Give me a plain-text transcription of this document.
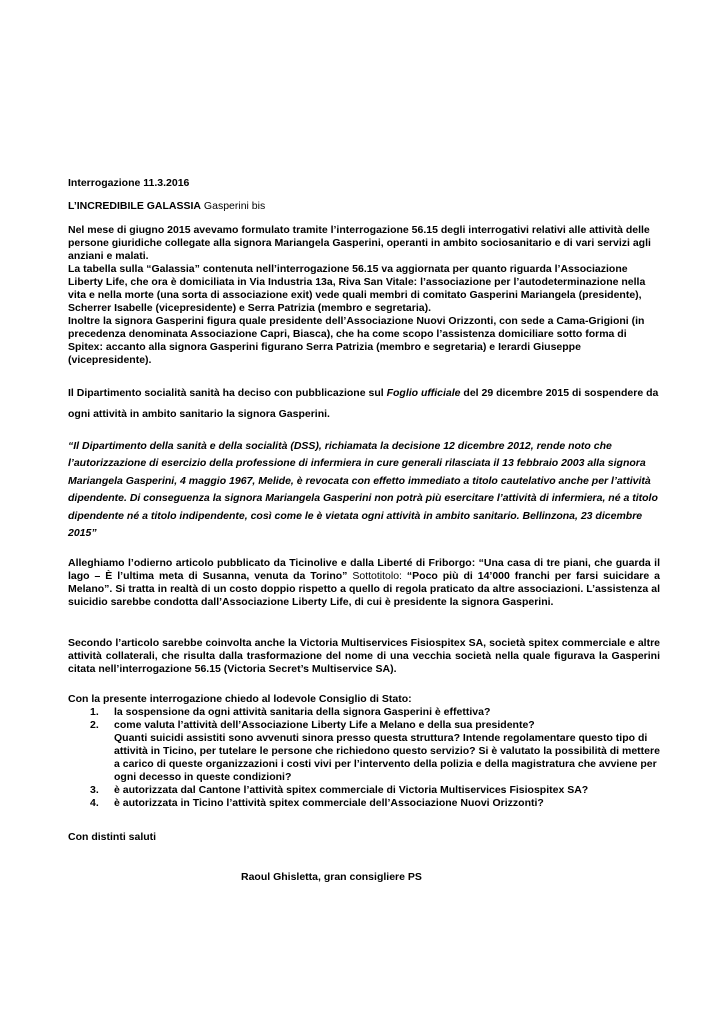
Interrogazione 11.3.2016

L’INCREDIBILE GALASSIA Gasperini bis

Nel mese di giugno 2015 avevamo formulato tramite l’interrogazione 56.15 degli interrogativi relativi alle attività delle persone giuridiche collegate alla signora Mariangela Gasperini, operanti in ambito sociosanitario e di vari servizi agli anziani e malati.

La tabella sulla “Galassia” contenuta nell’interrogazione 56.15 va aggiornata per quanto riguarda l’Associazione Liberty Life, che ora è domiciliata in Via Industria 13a, Riva San Vitale: l’associazione per l’autodeterminazione nella vita e nella morte (una sorta di associazione exit) vede quali membri di comitato Gasperini Mariangela (presidente), Scherrer Isabelle (vicepresidente) e Serra Patrizia (membro e segretaria).

Inoltre la signora Gasperini figura quale presidente dell’Associazione Nuovi Orizzonti, con sede a Cama-Grigioni (in precedenza denominata Associazione Capri, Biasca), che ha come scopo l’assistenza domiciliare sotto forma di Spitex: accanto alla signora Gasperini figurano Serra Patrizia (membro e segretaria) e Ierardi Giuseppe (vicepresidente).

Il Dipartimento socialità sanità ha deciso con pubblicazione sul Foglio ufficiale del 29 dicembre 2015 di sospendere da ogni attività in ambito sanitario la signora Gasperini.

“Il Dipartimento della sanità e della socialità (DSS), richiamata la decisione 12 dicembre 2012, rende noto che l’autorizzazione di esercizio della professione di infermiera in cure generali rilasciata il 13 febbraio 2003 alla signora Mariangela Gasperini, 4 maggio 1967, Melide, è revocata con effetto immediato a titolo cautelativo anche per l’attività dipendente. Di conseguenza la signora Mariangela Gasperini non potrà più esercitare l’attività di infermiera, né a titolo dipendente né a titolo indipendente, così come le è vietata ogni attività in ambito sanitario. Bellinzona, 23 dicembre 2015”

Alleghiamo l’odierno articolo pubblicato da Ticinolive e dalla Liberté di Friborgo: “Una casa di tre piani, che guarda il lago – È l’ultima meta di Susanna, venuta da Torino” Sottotitolo: “Poco più di 14’000 franchi per farsi suicidare a Melano”. Si tratta in realtà di un costo doppio rispetto a quello di regola praticato da altre associazioni. L’assistenza al suicidio sarebbe condotta dall’Associazione Liberty Life, di cui è presidente la signora Gasperini.

Secondo l’articolo sarebbe coinvolta anche la Victoria Multiservices Fisiospitex SA, società spitex commerciale e altre attività collaterali, che risulta dalla trasformazione del nome di una vecchia società nella quale figurava la Gasperini citata nell’interrogazione 56.15 (Victoria Secret’s Multiservice SA).

Con la presente interrogazione chiedo al lodevole Consiglio di Stato:

1. la sospensione da ogni attività sanitaria della signora Gasperini è effettiva?
2. come valuta l’attività dell’Associazione Liberty Life a Melano e della sua presidente?
Quanti suicidi assistiti sono avvenuti sinora presso questa struttura? Intende regolamentare questo tipo di attività in Ticino, per tutelare le persone che richiedono questo servizio? Si è valutato la possibilità di mettere a carico di queste organizzazioni i costi vivi per l’intervento della polizia e della magistratura che avviene per ogni decesso in queste condizioni?
3. è autorizzata dal Cantone l’attività spitex commerciale di Victoria Multiservices Fisiospitex SA?
4. è autorizzata in Ticino l’attività spitex commerciale dell’Associazione Nuovi Orizzonti?

Con distinti saluti

Raoul Ghisletta, gran consigliere PS
